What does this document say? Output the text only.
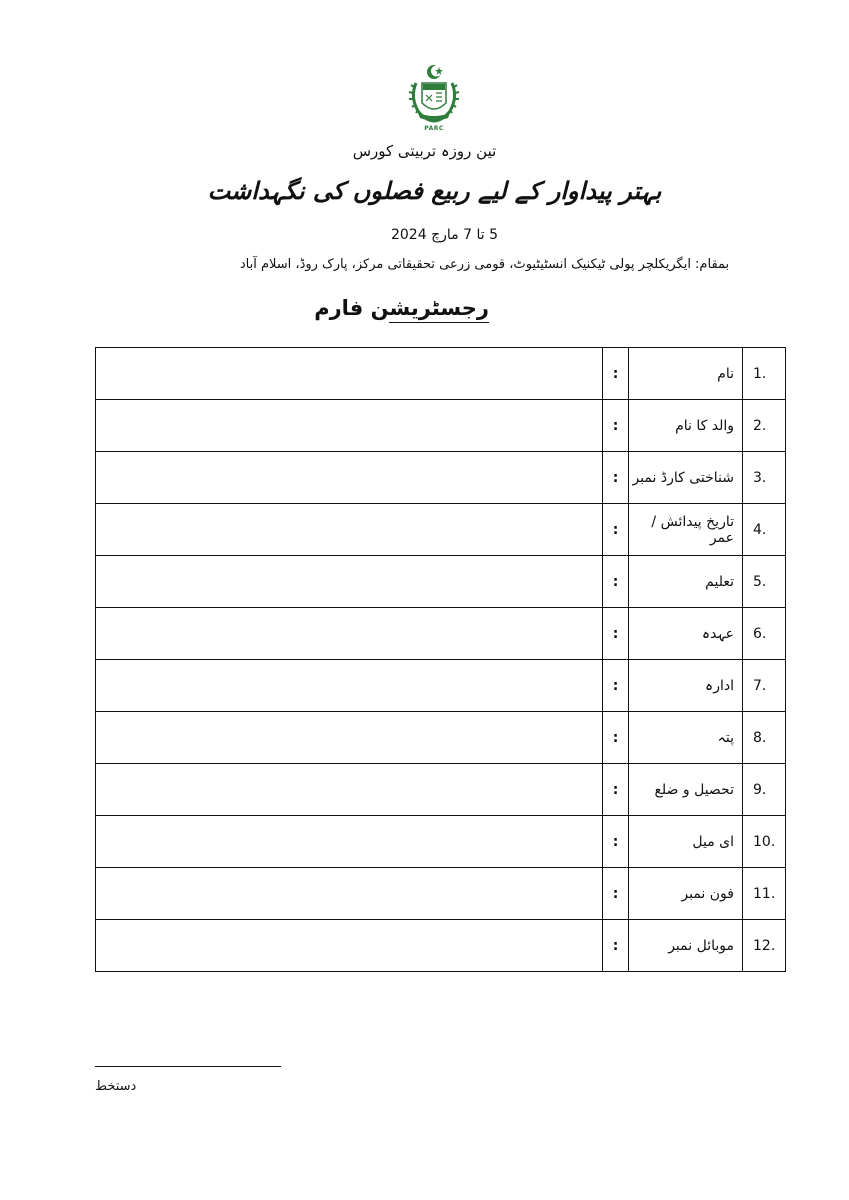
PARC
تین روزہ تربیتی کورس
بہتر پیداوار کے لیے ربیع فصلوں کی نگہداشت
5 تا 7 مارچ 2024
بمقام: ایگریکلچر پولی ٹیکنیک انسٹیٹیوٹ، قومی زرعی تحقیقاتی مرکز، پارک روڈ، اسلام آباد
رجسٹریشن فارم
	:	نام	1.
	:	والد کا نام	2.
	:	شناختی کارڈ نمبر	3.
	:	تاریخ پیدائش / عمر	4.
	:	تعلیم	5.
	:	عہدہ	6.
	:	ادارہ	7.
	:	پتہ	8.
	:	تحصیل و ضلع	9.
	:	ای میل	10.
	:	فون نمبر	11.
	:	موبائل نمبر	12.
دستخط
